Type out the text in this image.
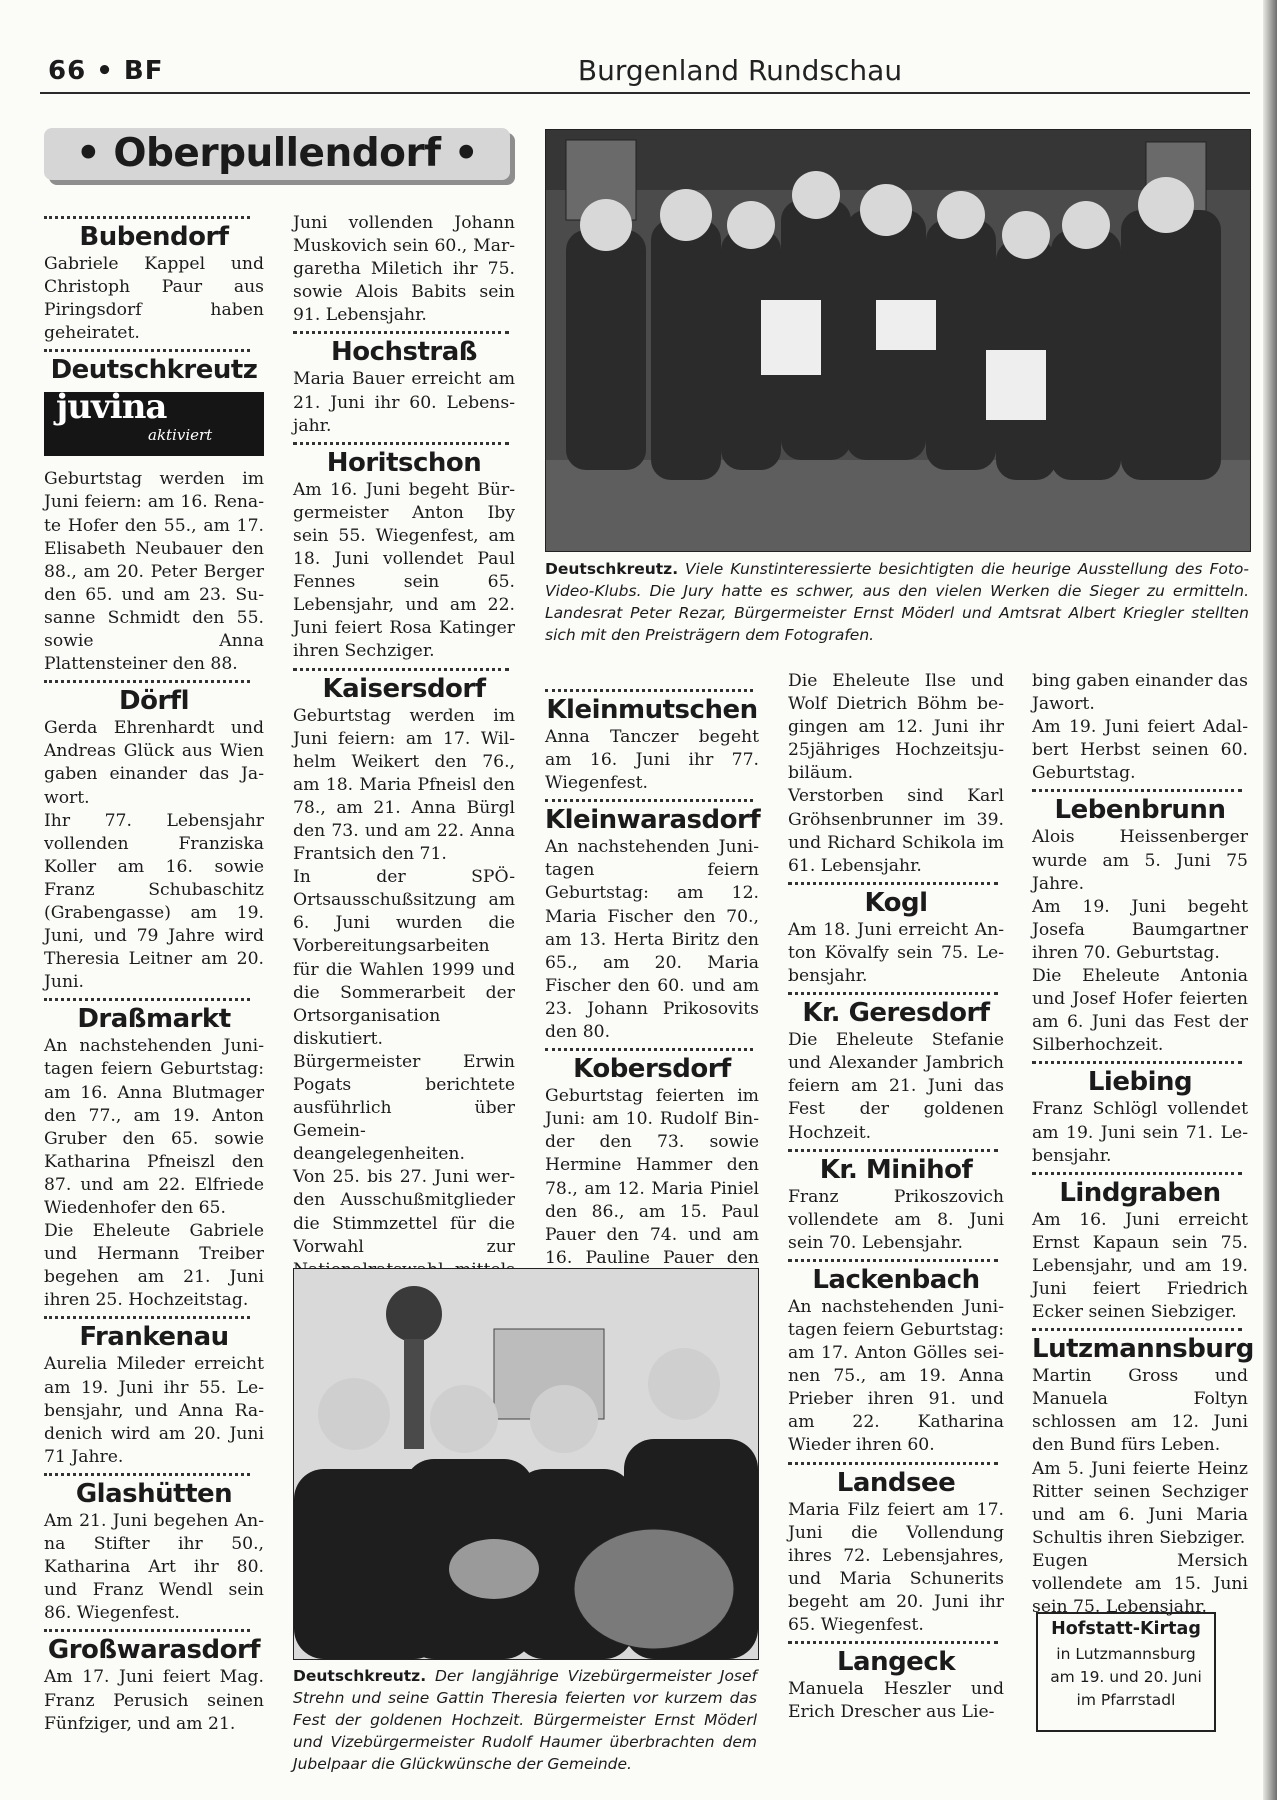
66 • BF	Burgenland Rundschau
• Oberpullendorf •
Bubendorf

Gabriele Kappel und Christoph Paur aus Piringsdorf haben geheiratet.

Deutschkreutz
juvina
aktiviert

Geburtstag werden im Juni feiern: am 16. Renate Hofer den 55., am 17. Elisabeth Neubauer den 88., am 20. Peter Berger den 65. und am 23. Susanne Schmidt den 55. sowie Anna Plattensteiner den 88.

Dörfl

Gerda Ehrenhardt und Andreas Glück aus Wien gaben einander das Jawort.

Ihr 77. Lebensjahr vollenden Franziska Koller am 16. sowie Franz Schubaschitz (Grabengasse) am 19. Juni, und 79 Jahre wird Theresia Leitner am 20. Juni.

Draßmarkt

An nachstehenden Junitagen feiern Geburtstag: am 16. Anna Blutmager den 77., am 19. Anton Gruber den 65. sowie Katharina Pfneiszl den 87. und am 22. Elfriede Wiedenhofer den 65.

Die Eheleute Gabriele und Hermann Treiber begehen am 21. Juni ihren 25. Hochzeitstag.

Frankenau

Aurelia Mileder erreicht am 19. Juni ihr 55. Lebensjahr, und Anna Radenich wird am 20. Juni 71 Jahre.

Glashütten

Am 21. Juni begehen Anna Stifter ihr 50., Katharina Art ihr 80. und Franz Wendl sein 86. Wiegenfest.

Großwarasdorf

Am 17. Juni feiert Mag. Franz Perusich seinen Fünfziger, und am 21.

Juni vollenden Johann Muskovich sein 60., Margaretha Miletich ihr 75. sowie Alois Babits sein 91. Lebensjahr.

Hochstraß

Maria Bauer erreicht am 21. Juni ihr 60. Lebensjahr.

Horitschon

Am 16. Juni begeht Bürgermeister Anton Iby sein 55. Wiegenfest, am 18. Juni vollendet Paul Fennes sein 65. Lebensjahr, und am 22. Juni feiert Rosa Katinger ihren Sechziger.

Kaisersdorf

Geburtstag werden im Juni feiern: am 17. Wilhelm Weikert den 76., am 18. Maria Pfneisl den 78., am 21. Anna Bürgl den 73. und am 22. Anna Frantsich den 71.

In der SPÖ-Ortsausschußsitzung am 6. Juni wurden die Vorbereitungsarbeiten für die Wahlen 1999 und die Sommerarbeit der Ortsorganisation diskutiert. Bürgermeister Erwin Pogats berichtete ausführlich über Gemeindeangelegenheiten.

Von 25. bis 27. Juni werden Ausschußmitglieder die Stimmzettel für die Vorwahl zur

Deutschkreutz. Viele Kunstinteressierte besichtigten die heurige Ausstellung des Foto-Video-Klubs. Die Jury hatte es schwer, aus den vielen Werken die Sieger zu ermitteln. Landesrat Peter Rezar, Bürgermeister Ernst Möderl und Amtsrat Albert Kriegler stellten sich mit den Preisträgern dem Fotografen.
Kleinmutschen

Anna Tanczer begeht am 16. Juni ihr 77. Wiegenfest.

Kleinwarasdorf

An nachstehenden Junitagen feiern Geburtstag: am 12. Maria Fischer den 70., am 13. Herta Biritz den 65., am 20. Maria Fischer den 60. und am 23. Johann Prikosovits den 80.

Kobersdorf

Geburtstag feierten im Juni: am 10. Rudolf Binder den 73. sowie Hermine Hammer den 78., am 12. Maria Piniel den 86., am 15. Paul Pauer den 74. und am 16. Pauline Pauer den

Deutschkreutz. Der langjährige Vizebürgermeister Josef Strehn und seine Gattin Theresia feierten vor kurzem das Fest der goldenen Hochzeit. Bürgermeister Ernst Möderl und Vizebürgermeister Rudolf Haumer überbrachten dem Jubelpaar die Glückwünsche der Gemeinde.

Die Eheleute Ilse und Wolf Dietrich Böhm begingen am 12. Juni ihr 25jähriges Hochzeitsjubiläum.

Verstorben sind Karl Gröhsenbrunner im 39. und Richard Schikola im 61. Lebensjahr.

Kogl

Am 18. Juni erreicht Anton Kövalfy sein 75. Lebensjahr.

Kr. Geresdorf

Die Eheleute Stefanie und Alexander Jambrich feiern am 21. Juni das Fest der goldenen Hochzeit.

Kr. Minihof

Franz Prikoszovich vollendete am 8. Juni sein 70. Lebensjahr.

Lackenbach

An nachstehenden Junitagen feiern Geburtstag: am 17. Anton Gölles seinen 75., am 19. Anna Prieber ihren 91. und am 22. Katharina Wieder ihren 60.

Landsee

Maria Filz feiert am 17. Juni die Vollendung ihres 72. Lebensjahres, und Maria Schunerits begeht am 20. Juni ihr 65. Wiegenfest.

Langeck

Manuela Heszler und Erich Drescher aus Lie-

bing gaben einander das Jawort.

Am 19. Juni feiert Adalbert Herbst seinen 60. Geburtstag.

Lebenbrunn

Alois Heissenberger wurde am 5. Juni 75 Jahre.

Am 19. Juni begeht Josefa Baumgartner ihren 70. Geburtstag.

Die Eheleute Antonia und Josef Hofer feierten am 6. Juni das Fest der Silberhochzeit.

Liebing

Franz Schlögl vollendet am 19. Juni sein 71. Lebensjahr.

Lindgraben

Am 16. Juni erreicht Ernst Kapaun sein 75. Lebensjahr, und am 19. Juni feiert Friedrich Ecker seinen Siebziger.

Lutzmannsburg

Martin Gross und Manuela Foltyn schlossen am 12. Juni den Bund fürs Leben.

Am 5. Juni feierte Heinz Ritter seinen Sechziger und am 6. Juni Maria Schultis ihren Siebziger.

Eugen Mersich vollendete am 15. Juni sein 75. Lebensjahr.

Hofstatt-Kirtag
in Lutzmannsburg
am 19. und 20. Juni
im Pfarrstadl
